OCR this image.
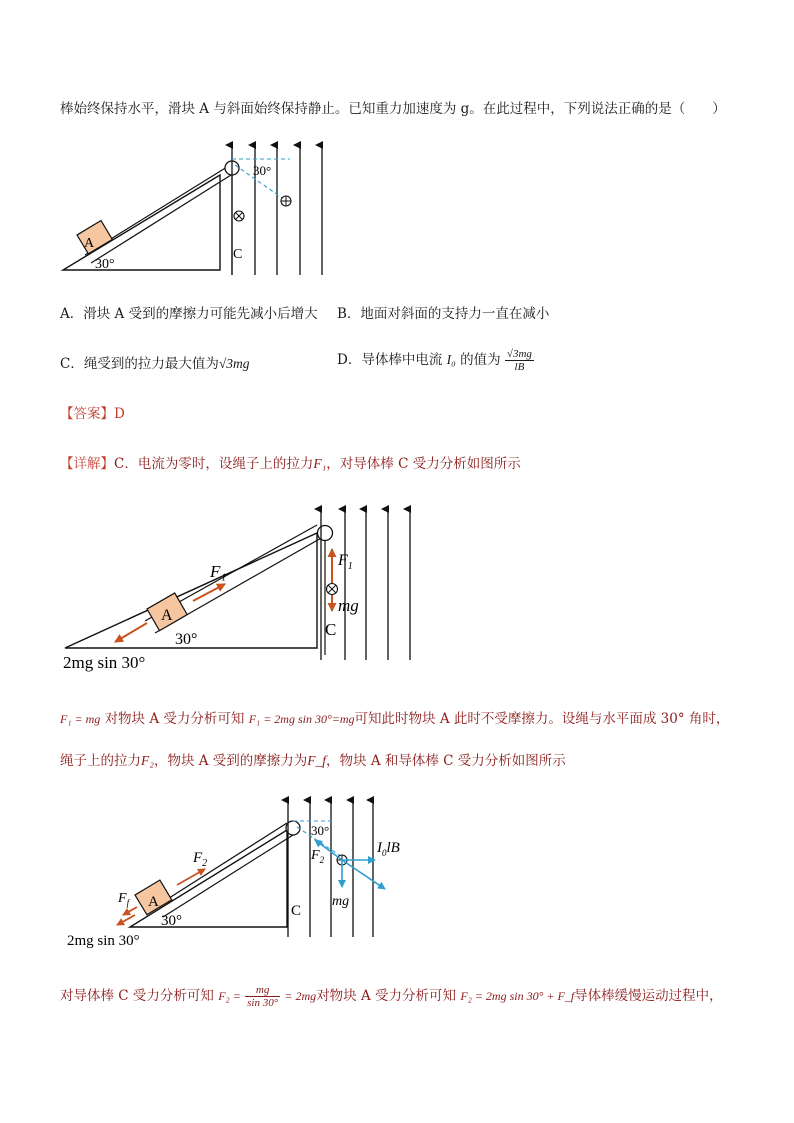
棒始终保持水平，滑块 A 与斜面始终保持静止。已知重力加速度为 g。在此过程中，下列说法正确的是（　　）
A
30°
30°
C
A．滑块 A 受到的摩擦力可能先减小后增大 B．地面对斜面的支持力一直在减小
C．绳受到的拉力最大值为√3mg	D．导体棒中电流 I₀ 的值为 $\frac{√3mg}{lB}$
【答案】D
【详解】C．电流为零时，设绳子上的拉力F₁，对导体棒 C 受力分析如图所示
A
30°
F₁
2mg sin 30°
$F_1$
mg
C
F₁ = mg 对物块 A 受力分析可知 F₁ = 2mg sin 30°=mg可知此时物块 A 此时不受摩擦力。设绳与水平面成 30° 角时，
绳子上的拉力F₂，物块 A 受到的摩擦力为F_f，物块 A 和导体棒 C 受力分析如图所示
A
30°
$F_2$
$F_f$
2mg sin 30°
30°
$F_2$
$I_0lB$
mg
C
对导体棒 C 受力分析可知 $F_2 = \frac{mg}{\sin 30^\circ} = 2mg$对物块 A 受力分析可知 F₂ = 2mg sin 30° + F_f导体棒缓慢运动过程中，
